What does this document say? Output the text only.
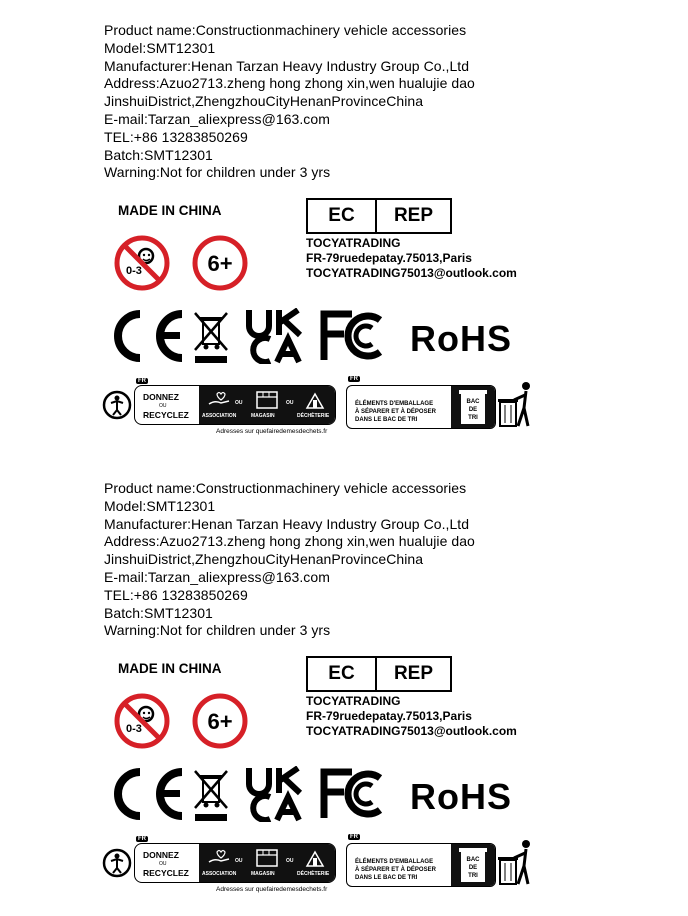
Product name:Constructionmachinery vehicle accessories
Model:SMT12301
Manufacturer:Henan Tarzan Heavy Industry Group Co.,Ltd
Address:Azuo2713.zheng hong zhong xin,wen hualujie dao
JinshuiDistrict,ZhengzhouCityHenanProvinceChina
E-mail:Tarzan_aliexpress@163.com
TEL:+86 13283850269
Batch:SMT12301
Warning:Not for children under 3 yrs
MADE IN CHINA
0-3	6+
EC	REP
TOCYATRADING
FR-79ruedepatay.75013,Paris
TOCYATRADING75013@outlook.com
RoHS
FR
DONNEZ
OU
RECYCLEZ	ASSOCIATION
OU
MAGASIN
OU
DÉCHÈTERIE
Adresses sur quefairedemesdechets.fr
FR
ÉLÉMENTS D'EMBALLAGE
À SÉPARER ET À DÉPOSER
DANS LE BAC DE TRI
BAC
DE
TRI
Product name:Constructionmachinery vehicle accessories
Model:SMT12301
Manufacturer:Henan Tarzan Heavy Industry Group Co.,Ltd
Address:Azuo2713.zheng hong zhong xin,wen hualujie dao
JinshuiDistrict,ZhengzhouCityHenanProvinceChina
E-mail:Tarzan_aliexpress@163.com
TEL:+86 13283850269
Batch:SMT12301
Warning:Not for children under 3 yrs
MADE IN CHINA
0-3	6+
EC	REP
TOCYATRADING
FR-79ruedepatay.75013,Paris
TOCYATRADING75013@outlook.com
RoHS
FR
DONNEZ
OU
RECYCLEZ	ASSOCIATION
OU
MAGASIN
OU
DÉCHÈTERIE
Adresses sur quefairedemesdechets.fr
FR
ÉLÉMENTS D'EMBALLAGE
À SÉPARER ET À DÉPOSER
DANS LE BAC DE TRI
BAC
DE
TRI
